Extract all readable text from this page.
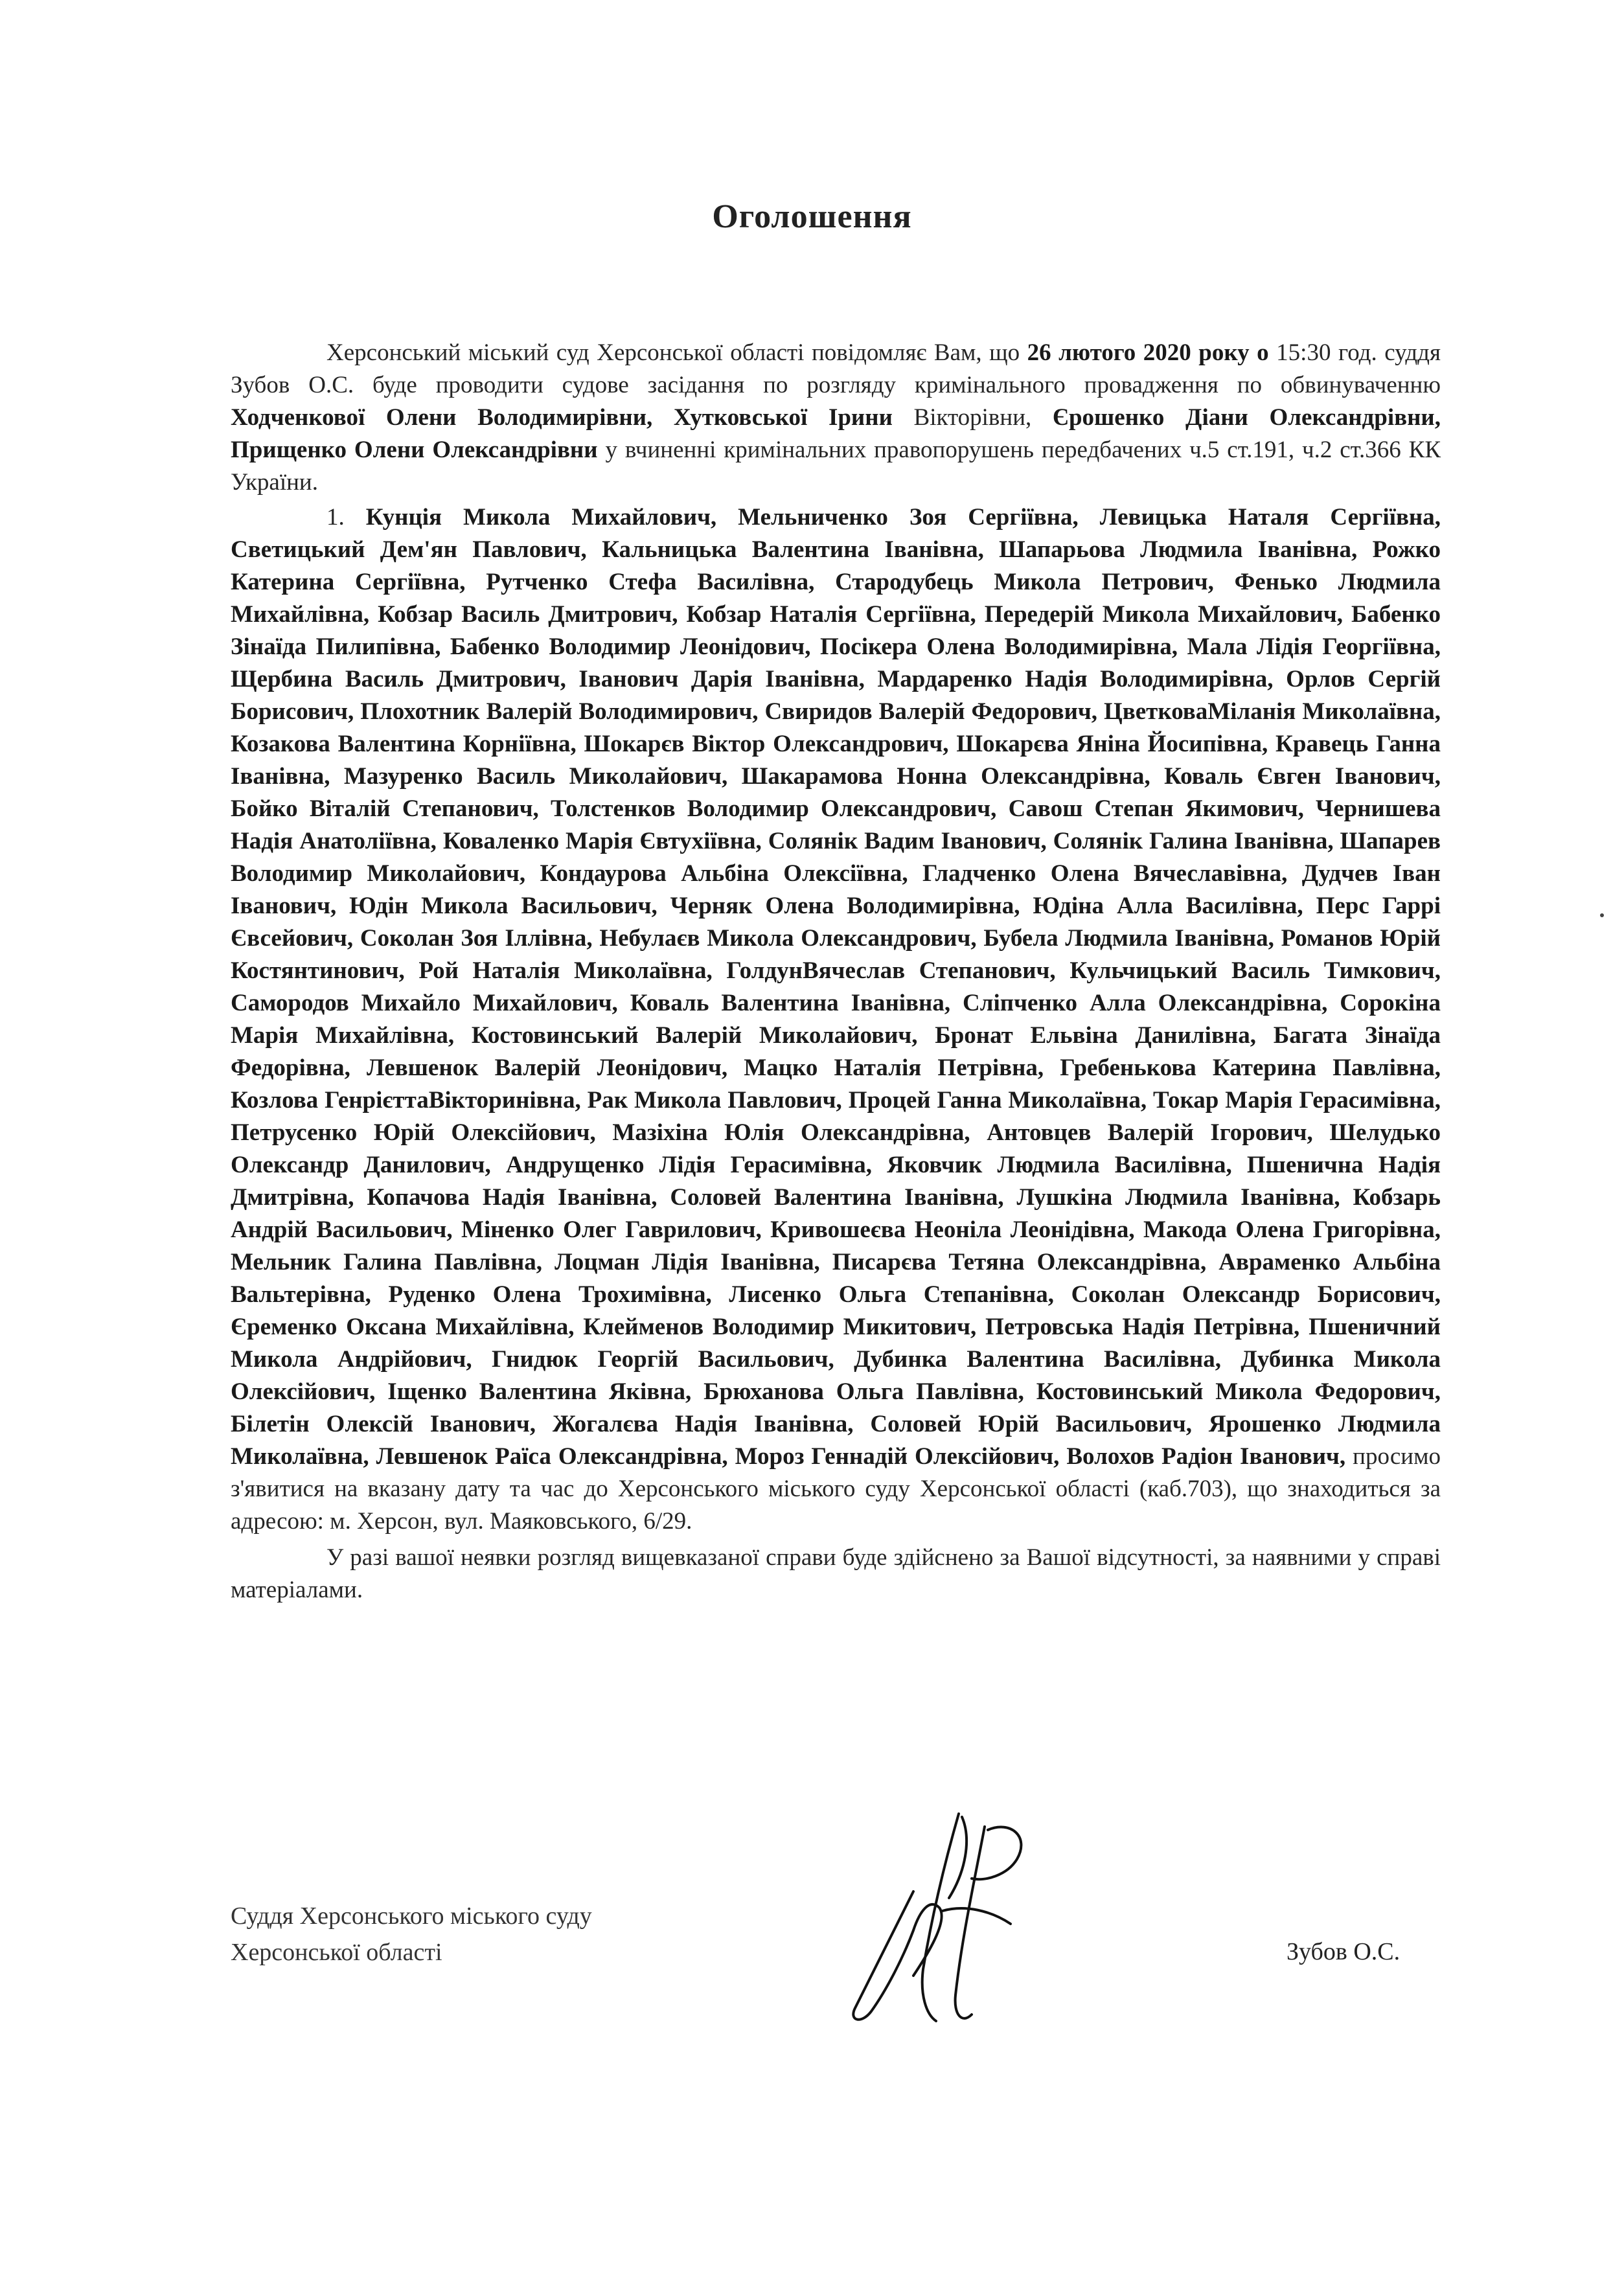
Оголошення

Херсонський міський суд Херсонської області повідомляє Вам, що 26 лютого 2020 року о 15:30 год. суддя Зубов О.С. буде проводити судове засідання по розгляду кримінального провадження по обвинуваченню Ходченкової Олени Володимирівни, Хутковської Ірини Вікторівни, Єрошенко Діани Олександрівни, Прищенко Олени Олександрівни у вчиненні кримінальних правопорушень передбачених ч.5 ст.191, ч.2 ст.366 КК України.

1. Кунція Микола Михайлович, Мельниченко Зоя Сергіївна, Левицька Наталя Сергіївна, Светицький Дем'ян Павлович, Кальницька Валентина Іванівна, Шапарьова Людмила Іванівна, Рожко Катерина Сергіївна, Рутченко Стефа Василівна, Стародубець Микола Петрович, Фенько Людмила Михайлівна, Кобзар Василь Дмитрович, Кобзар Наталія Сергіївна, Передерій Микола Михайлович, Бабенко Зінаїда Пилипівна, Бабенко Володимир Леонідович, Посікера Олена Володимирівна, Мала Лідія Георгіївна, Щербина Василь Дмитрович, Іванович Дарія Іванівна, Мардаренко Надія Володимирівна, Орлов Сергій Борисович, Плохотник Валерій Володимирович, Свиридов Валерій Федорович, ЦветковаМіланія Миколаївна, Козакова Валентина Корніївна, Шокарєв Віктор Олександрович, Шокарєва Яніна Йосипівна, Кравець Ганна Іванівна, Мазуренко Василь Миколайович, Шакарамова Нонна Олександрівна, Коваль Євген Іванович, Бойко Віталій Степанович, Толстенков Володимир Олександрович, Савош Степан Якимович, Чернишева Надія Анатоліївна, Коваленко Марія Євтухіївна, Солянік Вадим Іванович, Солянік Галина Іванівна, Шапарев Володимир Миколайович, Кондаурова Альбіна Олексіївна, Гладченко Олена Вячеславівна, Дудчев Іван Іванович, Юдін Микола Васильович, Черняк Олена Володимирівна, Юдіна Алла Василівна, Перс Гаррі Євсейович, Соколан Зоя Іллівна, Небулаєв Микола Олександрович, Бубела Людмила Іванівна, Романов Юрій Костянтинович, Рой Наталія Миколаївна, ГолдунВячеслав Степанович, Кульчицький Василь Тимкович, Самородов Михайло Михайлович, Коваль Валентина Іванівна, Сліпченко Алла Олександрівна, Сорокіна Марія Михайлівна, Костовинський Валерій Миколайович, Бронат Ельвіна Данилівна, Багата Зінаїда Федорівна, Левшенок Валерій Леонідович, Мацко Наталія Петрівна, Гребенькова Катерина Павлівна, Козлова ГенрієттаВікторинівна, Рак Микола Павлович, Процей Ганна Миколаївна, Токар Марія Герасимівна, Петрусенко Юрій Олексійович, Мазіхіна Юлія Олександрівна, Антовцев Валерій Ігорович, Шелудько Олександр Данилович, Андрущенко Лідія Герасимівна, Яковчик Людмила Василівна, Пшенична Надія Дмитрівна, Копачова Надія Іванівна, Соловей Валентина Іванівна, Лушкіна Людмила Іванівна, Кобзарь Андрій Васильович, Міненко Олег Гаврилович, Кривошеєва Неоніла Леонідівна, Макода Олена Григорівна, Мельник Галина Павлівна, Лоцман Лідія Іванівна, Писарєва Тетяна Олександрівна, Авраменко Альбіна Вальтерівна, Руденко Олена Трохимівна, Лисенко Ольга Степанівна, Соколан Олександр Борисович, Єременко Оксана Михайлівна, Клейменов Володимир Микитович, Петровська Надія Петрівна, Пшеничний Микола Андрійович, Гнидюк Георгій Васильович, Дубинка Валентина Василівна, Дубинка Микола Олексійович, Іщенко Валентина Яківна, Брюханова Ольга Павлівна, Костовинський Микола Федорович, Білетін Олексій Іванович, Жогалєва Надія Іванівна, Соловей Юрій Васильович, Ярошенко Людмила Миколаївна, Левшенок Раїса Олександрівна, Мороз Геннадій Олексійович, Волохов Радіон Іванович, просимо з'явитися на вказану дату та час до Херсонського міського суду Херсонської області (каб.703), що знаходиться за адресою: м. Херсон, вул. Маяковського, 6/29.

У разі вашої неявки розгляд вищевказаної справи буде здійснено за Вашої відсутності, за наявними у справі матеріалами.

Суддя Херсонського міського суду
Херсонської області	Зубов О.С.
